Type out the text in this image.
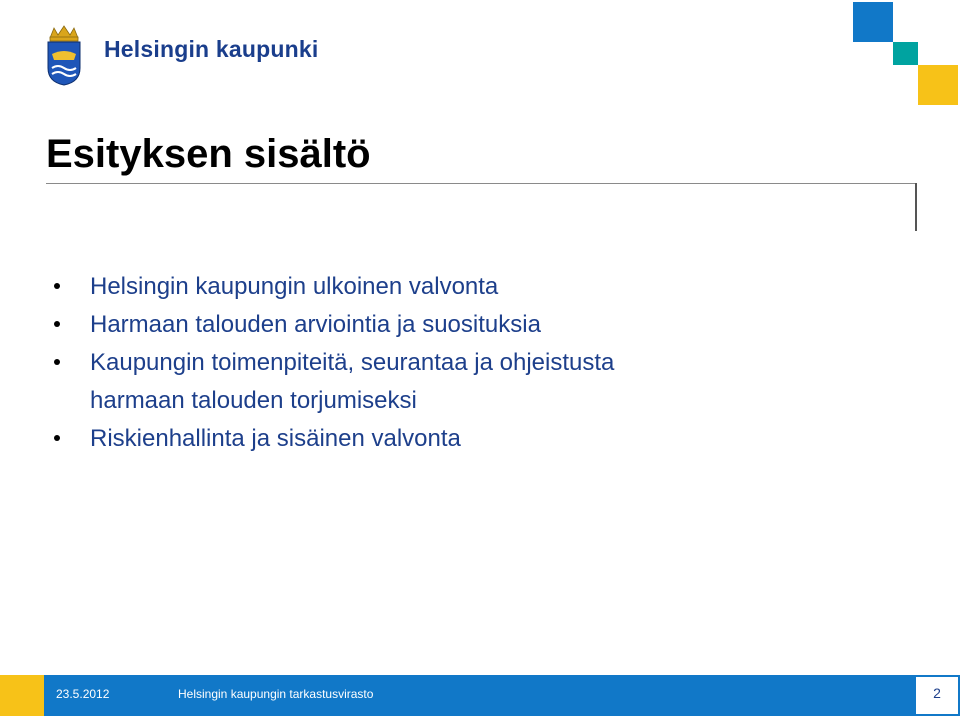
Helsingin kaupunki
Esityksen sisältö
Helsingin kaupungin ulkoinen valvonta
Harmaan talouden arviointia ja suosituksia
Kaupungin toimenpiteitä, seurantaa ja ohjeistusta
harmaan talouden torjumiseksi
Riskienhallinta ja sisäinen valvonta
23.5.2012	Helsingin kaupungin tarkastusvirasto	2
